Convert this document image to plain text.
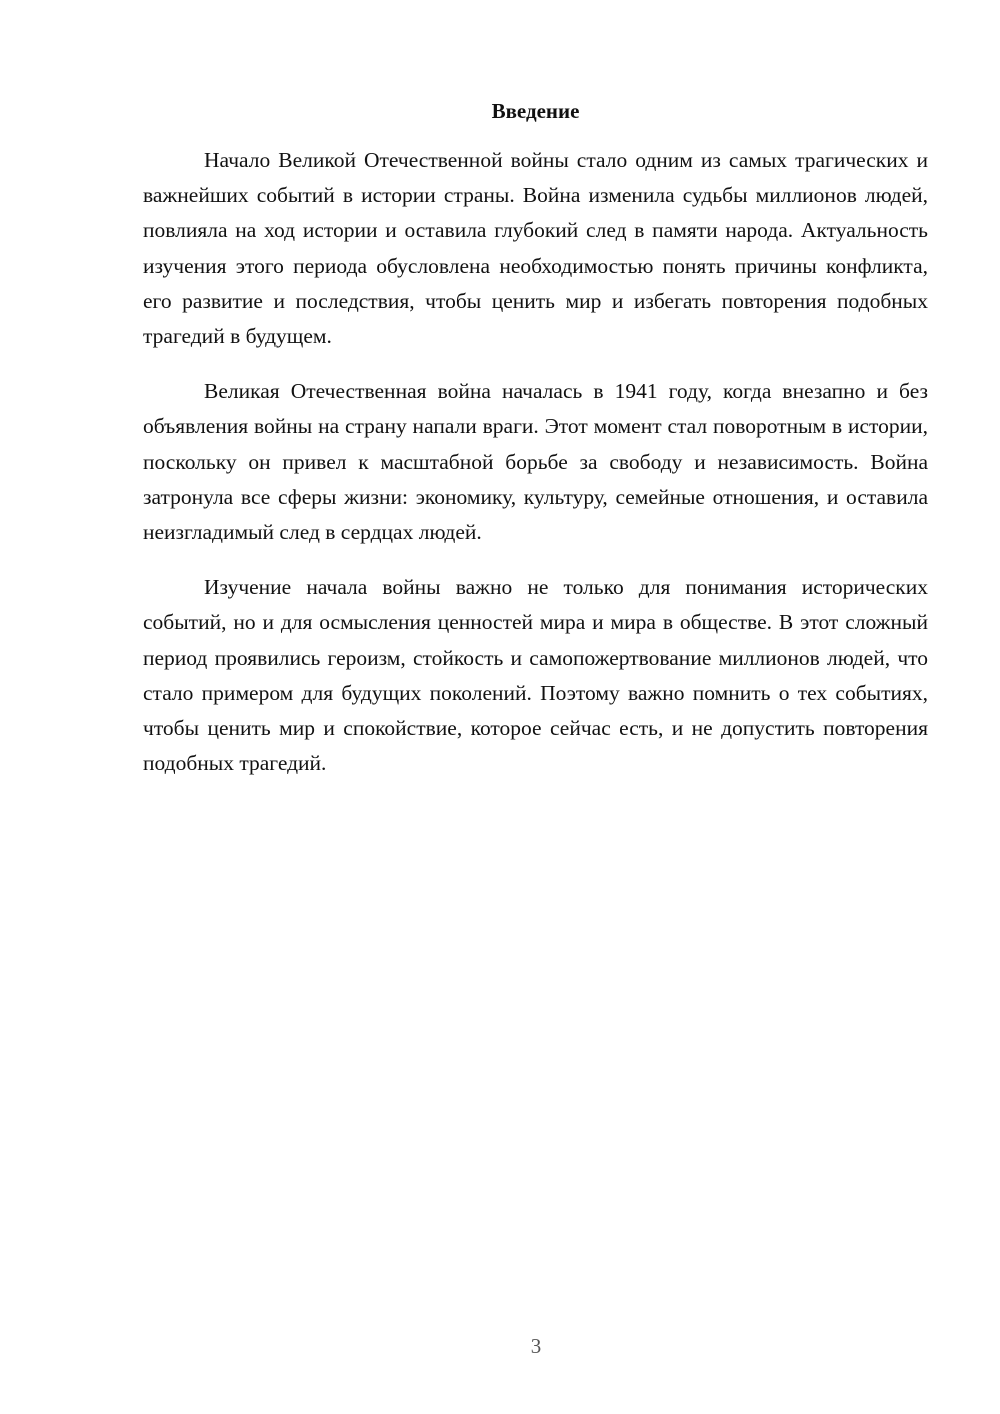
Введение

Начало Великой Отечественной войны стало одним из самых трагических и важнейших событий в истории страны. Война изменила судьбы миллионов людей, повлияла на ход истории и оставила глубокий след в памяти народа. Актуальность изучения этого периода обусловлена необходимостью понять причины конфликта, его развитие и последствия, чтобы ценить мир и избегать повторения подобных трагедий в будущем.

Великая Отечественная война началась в 1941 году, когда внезапно и без объявления войны на страну напали враги. Этот момент стал поворотным в истории, поскольку он привел к масштабной борьбе за свободу и независимость. Война затронула все сферы жизни: экономику, культуру, семейные отношения, и оставила неизгладимый след в сердцах людей.

Изучение начала войны важно не только для понимания исторических событий, но и для осмысления ценностей мира и мира в обществе. В этот сложный период проявились героизм, стойкость и самопожертвование миллионов людей, что стало примером для будущих поколений. Поэтому важно помнить о тех событиях, чтобы ценить мир и спокойствие, которое сейчас есть, и не допустить повторения подобных трагедий.

3
